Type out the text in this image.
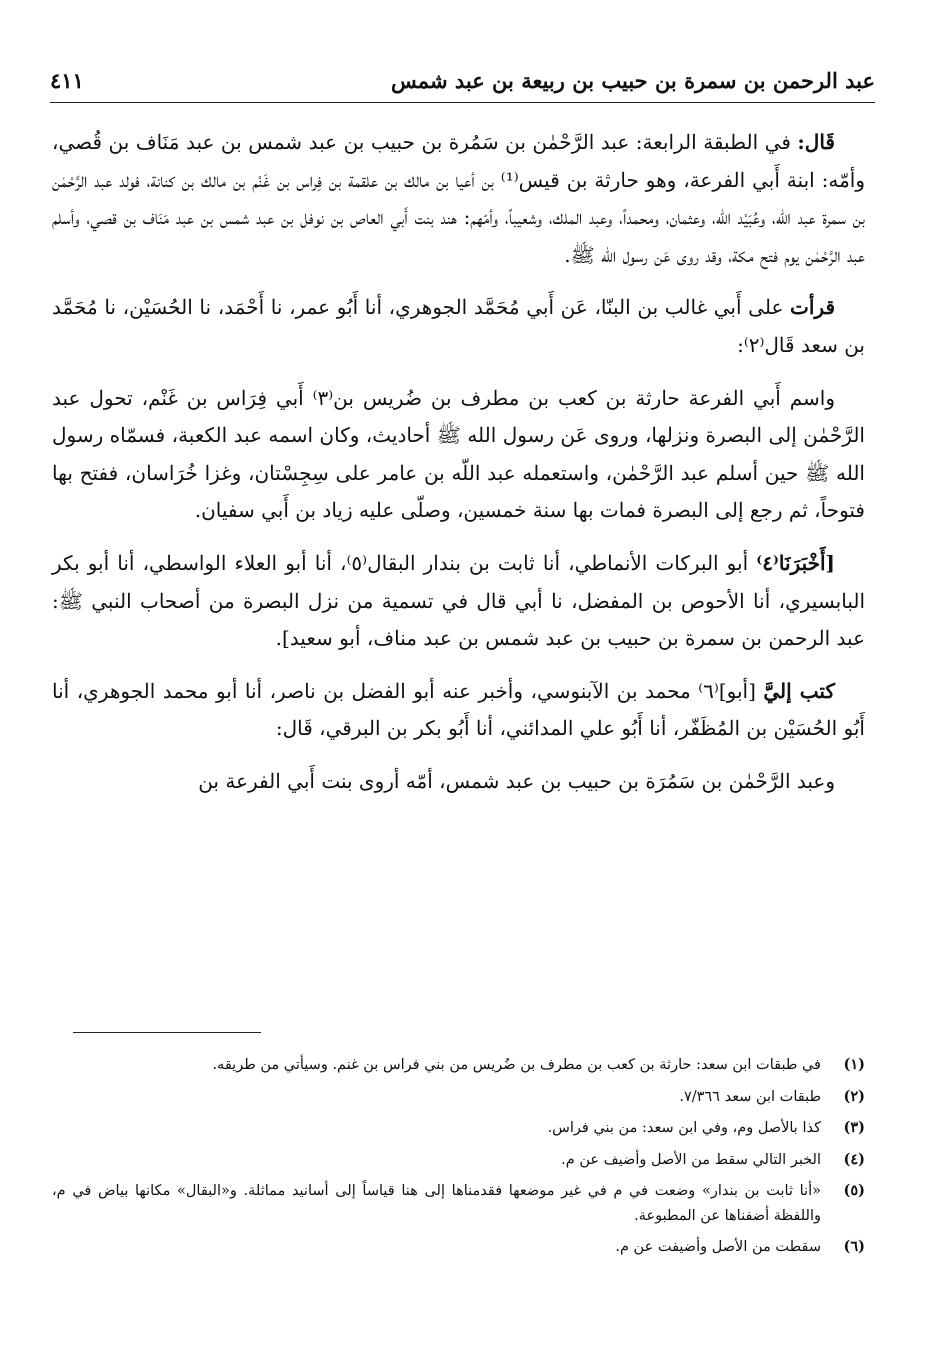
عبد الرحمن بن سمرة بن حبيب بن ربيعة بن عبد شمس
٤١١

قَال: في الطبقة الرابعة: عبد الرَّحْمٰن بن سَمُرة بن حبيب بن عبد شمس بن عبد مَنَاف بن قُصي، وأمّه: ابنة أَبي الفرعة، وهو حارثة بن قيس⁽¹⁾ بن أعيا بن مالك بن علقمة بن فِراس بن غَنْم بن مالك بن كنانة، فولد عبد الرَّحْمٰن بن سمرة عبد اللّه، وعُبَيْد اللّه، وعثمان، ومحمداً، وعبد الملك، وشعيباً، وأمّهم: هند بنت أَبي العاص بن نوفل بن عبد شمس بن عبد مَنَاف بن قصي، وأسلم عبد الرَّحْمٰن يوم فتح مكة، وقد روى عَن رسول الله ﷺ.

قرأت على أَبي غالب بن البنّا، عَن أَبي مُحَمَّد الجوهري، أنا أَبُو عمر، نا أَحْمَد، نا الحُسَيْن، نا مُحَمَّد بن سعد قَال⁽٢⁾:

واسم أَبي الفرعة حارثة بن كعب بن مطرف بن ضُريس بن⁽٣⁾ أَبي فِرَاس بن غَنْم، تحول عبد الرَّحْمٰن إلى البصرة ونزلها، وروى عَن رسول الله ﷺ أحاديث، وكان اسمه عبد الكعبة، فسمّاه رسول الله ﷺ حين أسلم عبد الرَّحْمٰن، واستعمله عبد اللّه بن عامر على سِجِسْتان، وغزا خُرَاسان، ففتح بها فتوحاً، ثم رجع إلى البصرة فمات بها سنة خمسين، وصلّى عليه زياد بن أَبي سفيان.

[أَخْبَرَنَا⁽٤⁾ أبو البركات الأنماطي، أنا ثابت بن بندار البقال⁽٥⁾، أنا أبو العلاء الواسطي، أنا أبو بكر البابسيري، أنا الأحوص بن المفضل، نا أبي قال في تسمية من نزل البصرة من أصحاب النبي ﷺ: عبد الرحمن بن سمرة بن حبيب بن عبد شمس بن عبد مناف، أبو سعيد].

كتب إليَّ [أبو]⁽٦⁾ محمد بن الآبنوسي، وأخبر عنه أبو الفضل بن ناصر، أنا أبو محمد الجوهري، أنا أَبُو الحُسَيْن بن المُظَفّر، أنا أَبُو علي المدائني، أنا أَبُو بكر بن البرقي، قَال:

وعبد الرَّحْمٰن بن سَمُرَة بن حبيب بن عبد شمس، أمّه أروى بنت أَبي الفرعة بن

(١)
في طبقات ابن سعد: حارثة بن كعب بن مطرف بن ضُريس من بني فراس بن غنم. وسيأتي من طريقه.
(٢)
طبقات ابن سعد ٧/٣٦٦.
(٣)
كذا بالأصل وم، وفي ابن سعد: من بني فراس.
(٤)
الخبر التالي سقط من الأصل وأضيف عن م.
(٥)
«أنا ثابت بن بندار» وضعت في م في غير موضعها فقدمناها إلى هنا قياساً إلى أسانيد مماثلة. و«البقال» مكانها بياض في م، واللفظة أضفناها عن المطبوعة.
(٦)
سقطت من الأصل وأضيفت عن م.
